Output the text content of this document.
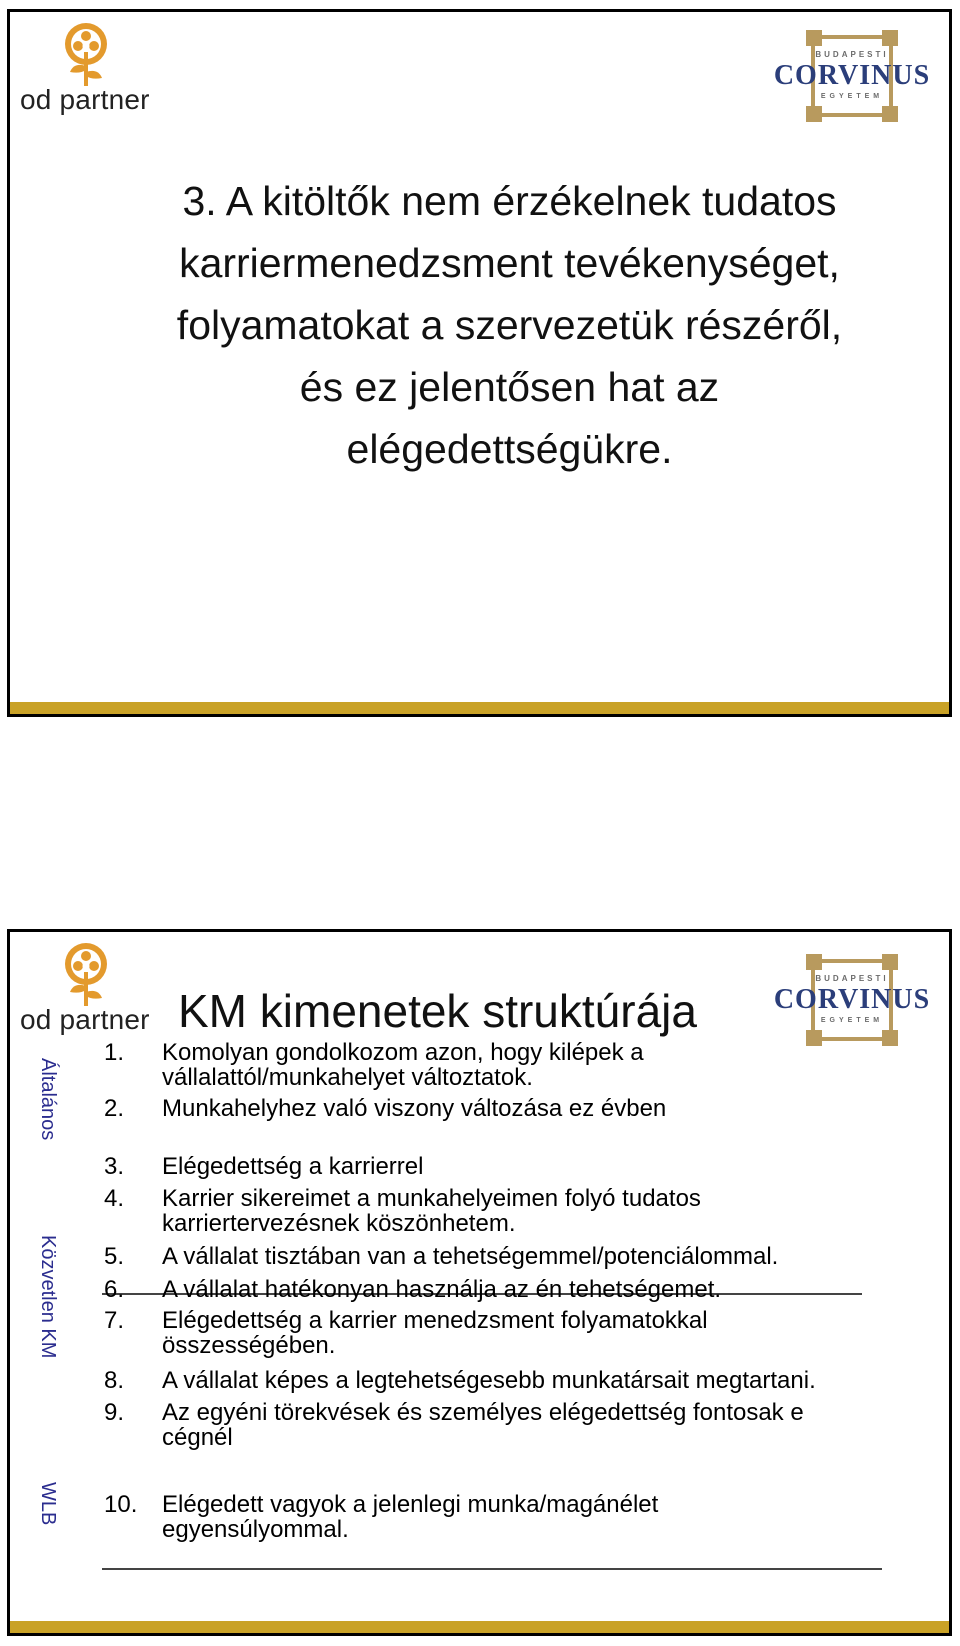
od partner
BUDAPESTI
CORVINUS
EGYETEM
3. A kitöltők nem érzékelnek tudatos
karriermenedzsment tevékenységet,
folyamatokat a szervezetük részéről,
és ez jelentősen hat az
elégedettségükre.
od partner KM kimenetek struktúrája
BUDAPESTI
CORVINUS
EGYETEM
Általános
Közvetlen KM
WLB
1. Komolyan gondolkozom azon, hogy kilépek a
vállalattól/munkahelyet változtatok.
2. Munkahelyhez való viszony változása ez évben
3. Elégedettség a karrierrel
4. Karrier sikereimet a munkahelyeimen folyó tudatos
karriertervezésnek köszönhetem.
5. A vállalat tisztában van a tehetségemmel/potenciálommal.
6. A vállalat hatékonyan használja az én tehetségemet.
7. Elégedettség a karrier menedzsment folyamatokkal
összességében.
8. A vállalat képes a legtehetségesebb munkatársait megtartani.
9. Az egyéni törekvések és személyes elégedettség fontosak e
cégnél
10. Elégedett vagyok a jelenlegi munka/magánélet
egyensúlyommal.
